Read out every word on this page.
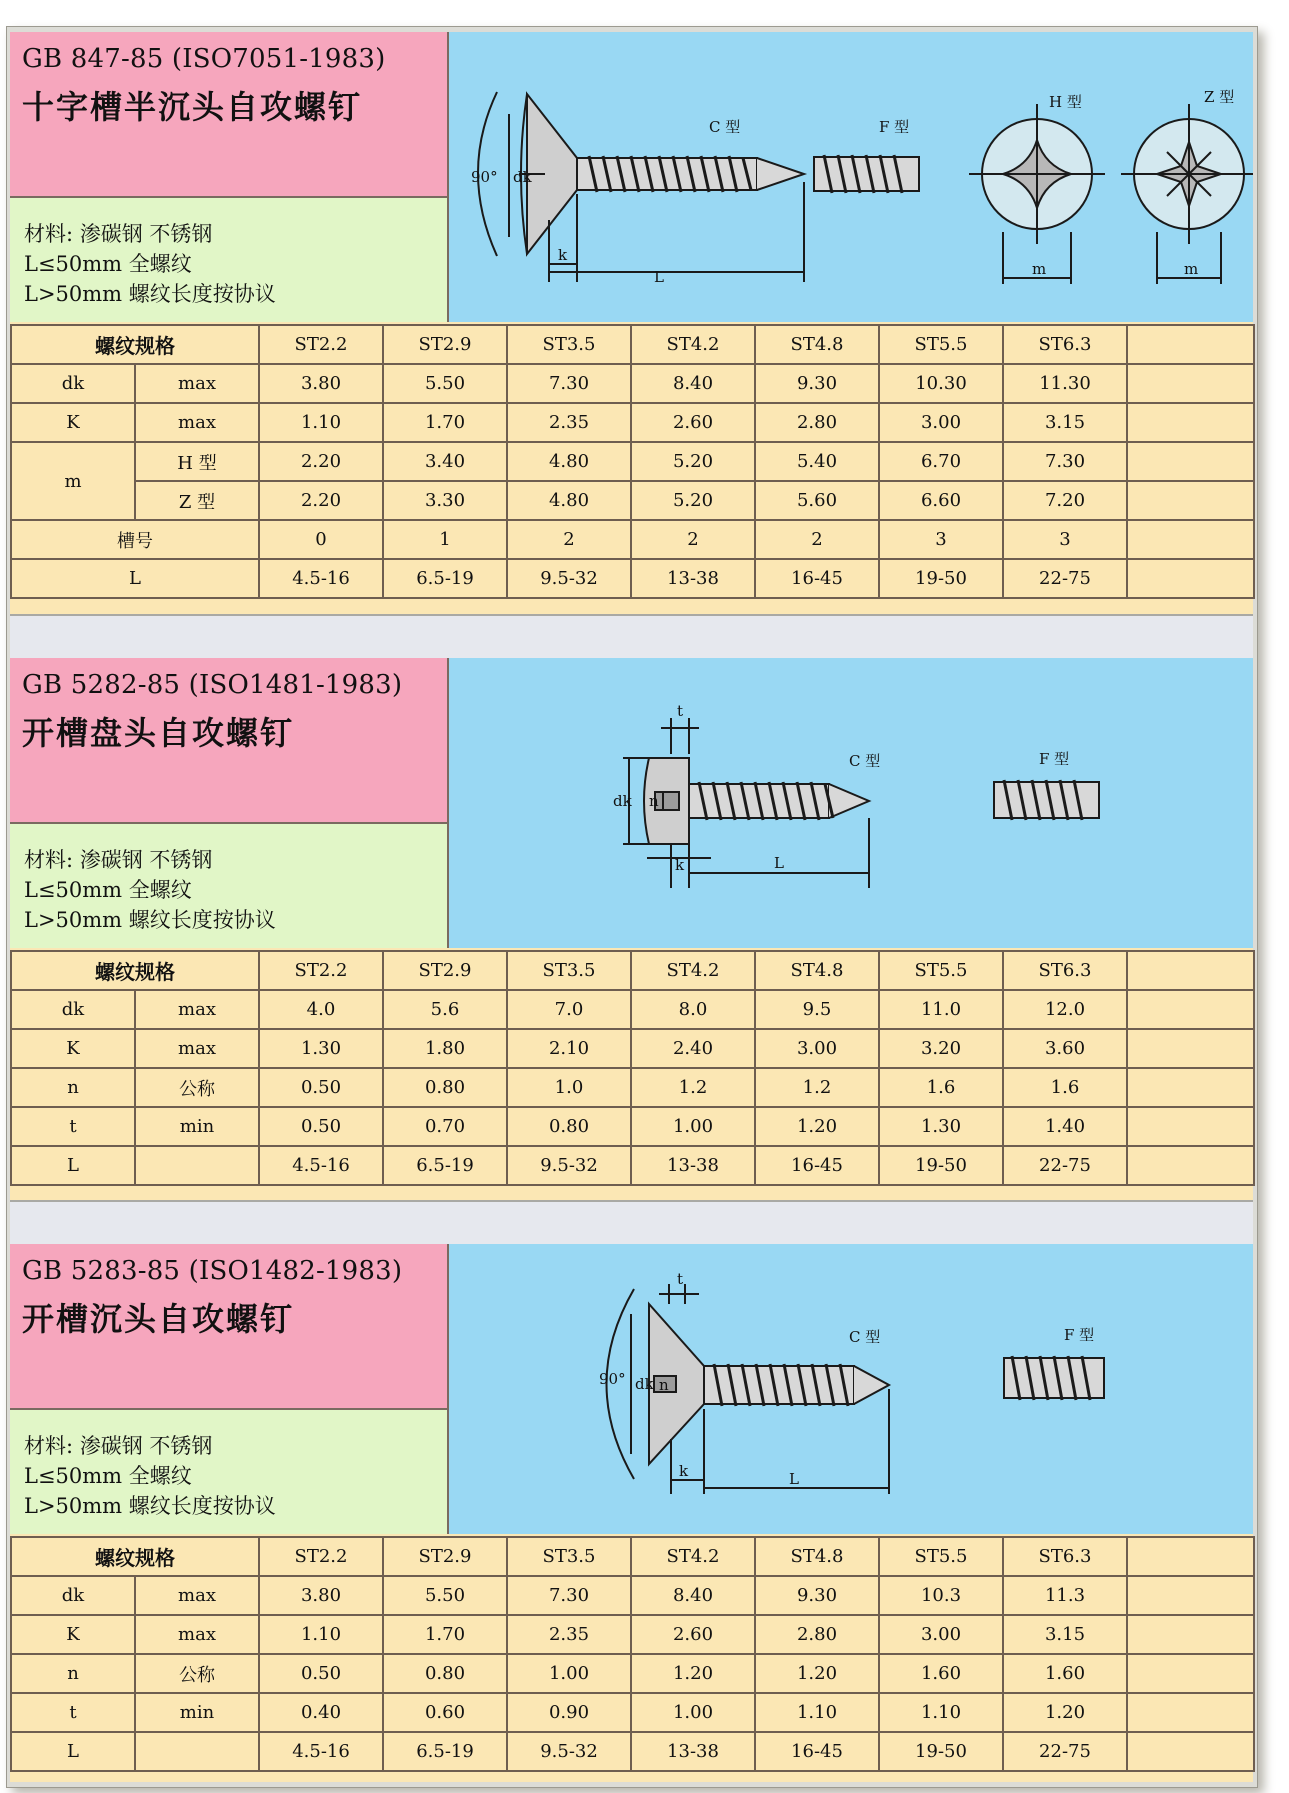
GB 847-85 (ISO7051-1983)
十字槽半沉头自攻螺钉
材料: 渗碳钢 不锈钢
L≤50mm 全螺纹
L>50mm 螺纹长度按协议
90° dk
k
L
C 型	F 型
H 型	Z 型
m	m
螺纹规格		ST2.2	ST2.9	ST3.5	ST4.2	ST4.8	ST5.5	ST6.3	
dk	max	3.80	5.50	7.30	8.40	9.30	10.30	11.30	
K	max	1.10	1.70	2.35	2.60	2.80	3.00	3.15	
m	H 型	2.20	3.40	4.80	5.20	5.40	6.70	7.30	
	Z 型	2.20	3.30	4.80	5.20	5.60	6.60	7.20	
槽号		0	1	2	2	2	3	3	
L		4.5-16	6.5-19	9.5-32	13-38	16-45	19-50	22-75	
GB 5282-85 (ISO1481-1983)
开槽盘头自攻螺钉
材料: 渗碳钢 不锈钢
L≤50mm 全螺纹
L>50mm 螺纹长度按协议
t
dk n
k	L
C 型	F 型
螺纹规格		ST2.2	ST2.9	ST3.5	ST4.2	ST4.8	ST5.5	ST6.3	
dk	max	4.0	5.6	7.0	8.0	9.5	11.0	12.0	
K	max	1.30	1.80	2.10	2.40	3.00	3.20	3.60	
n	公称	0.50	0.80	1.0	1.2	1.2	1.6	1.6	
t	min	0.50	0.70	0.80	1.00	1.20	1.30	1.40	
L		4.5-16	6.5-19	9.5-32	13-38	16-45	19-50	22-75	
GB 5283-85 (ISO1482-1983)
开槽沉头自攻螺钉
材料: 渗碳钢 不锈钢
L≤50mm 全螺纹
L>50mm 螺纹长度按协议
t
90° dk n
k	L
C 型	F 型
螺纹规格		ST2.2	ST2.9	ST3.5	ST4.2	ST4.8	ST5.5	ST6.3	
dk	max	3.80	5.50	7.30	8.40	9.30	10.3	11.3	
K	max	1.10	1.70	2.35	2.60	2.80	3.00	3.15	
n	公称	0.50	0.80	1.00	1.20	1.20	1.60	1.60	
t	min	0.40	0.60	0.90	1.00	1.10	1.10	1.20	
L		4.5-16	6.5-19	9.5-32	13-38	16-45	19-50	22-75	
